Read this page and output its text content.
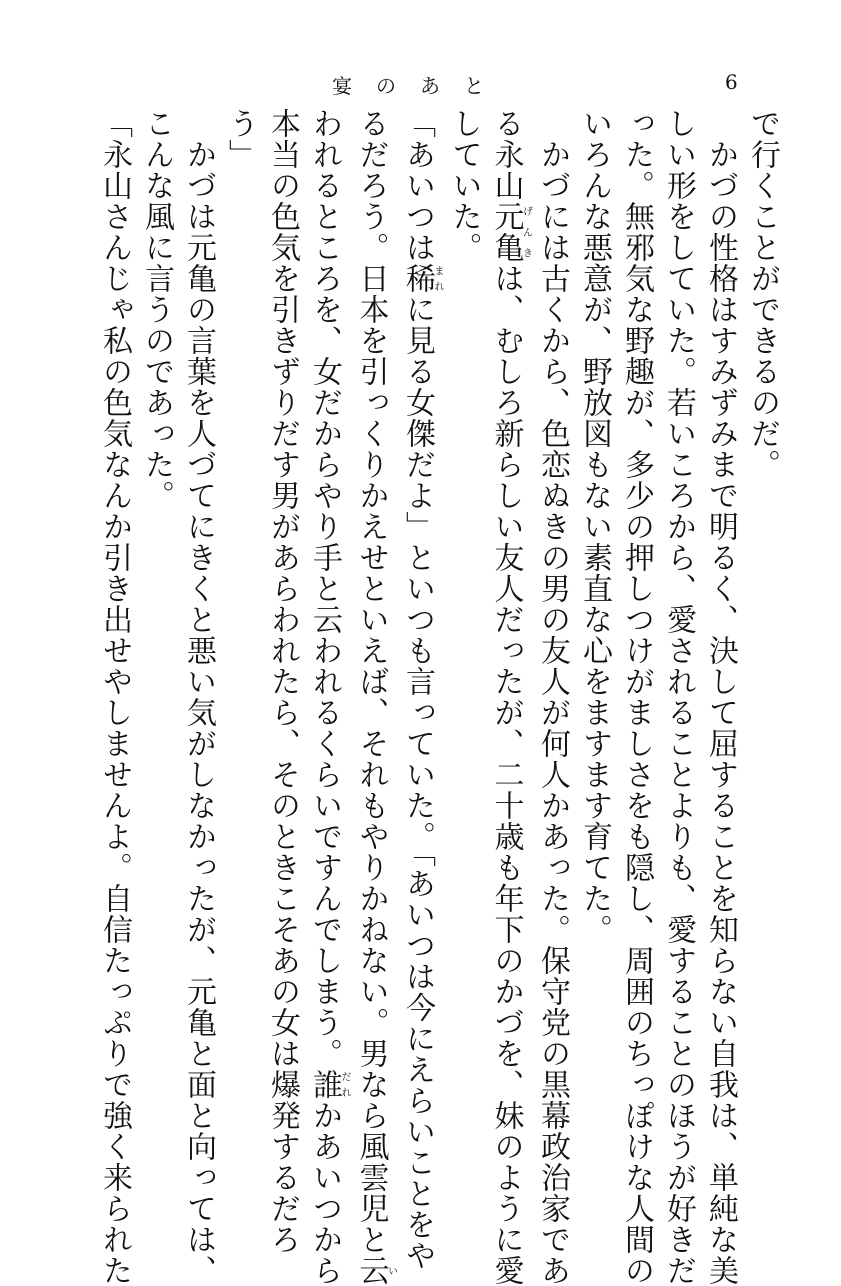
宴のあと	6
で行くことができるのだ。
　かづの性格はすみずみまで明るく、決して屈することを知らない自我は、単純な美
しい形をしていた。若いころから、愛されることよりも、愛することのほうが好きだ
った。無邪気な野趣が、多少の押しつけがましさをも隠し、周囲のちっぽけな人間の
いろんな悪意が、野放図もない素直な心をますます育てた。
　かづには古くから、色恋ぬきの男の友人が何人かあった。保守党の黒幕政治家であ
る永山元亀げんきは、むしろ新らしい友人だったが、二十歳も年下のかづを、妹のように愛
していた。
「あいつは稀まれに見る女傑だよ」といつも言っていた。「あいつは今にえらいことをや
るだろう。日本を引っくりかえせといえば、それもやりかねない。男なら風雲児と云い
われるところを、女だからやり手と云われるくらいですんでしまう。誰だれかあいつから
本当の色気を引きずりだす男があらわれたら、そのときこそあの女は爆発するだろ
う」
　かづは元亀の言葉を人づてにきくと悪い気がしなかったが、元亀と面と向っては、
こんな風に言うのであった。
「永山さんじゃ私の色気なんか引き出せやしませんよ。自信たっぷりで強く来られた
